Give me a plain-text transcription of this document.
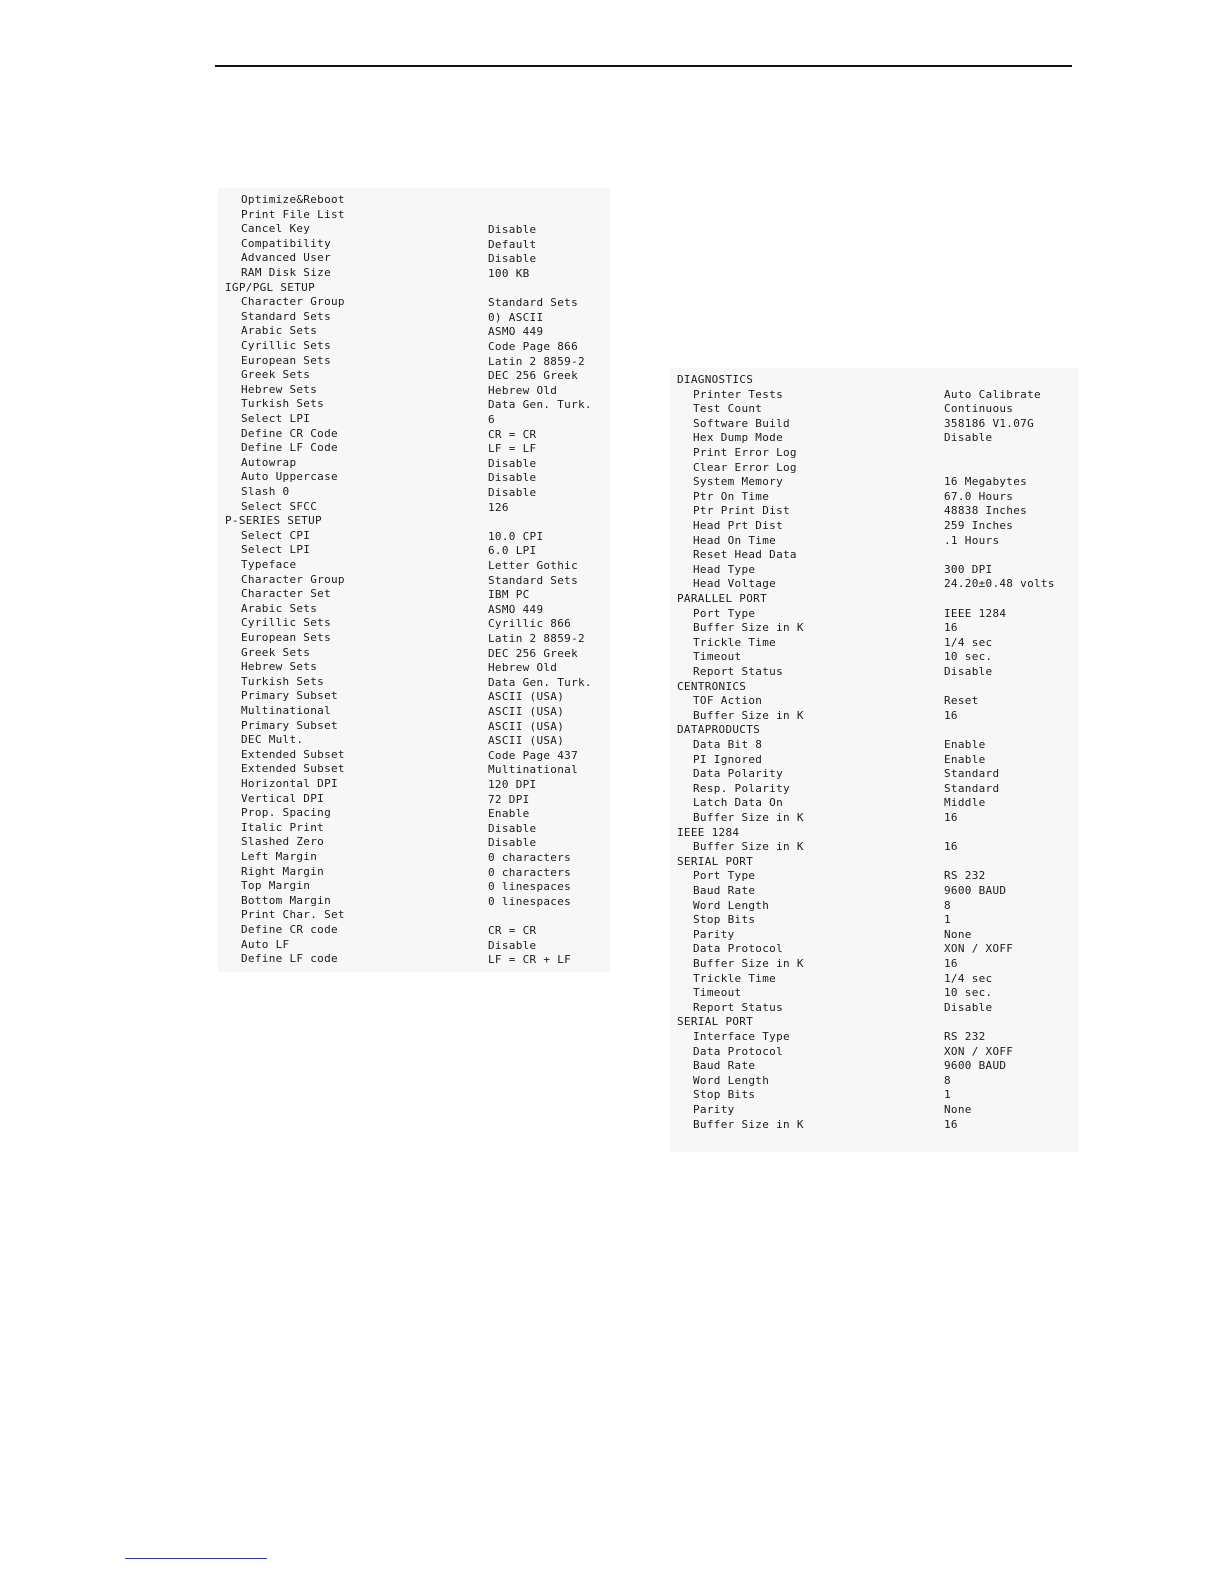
Optimize&Reboot
Print File List
Cancel Key	Disable
Compatibility	Default
Advanced User	Disable
RAM Disk Size	100 KB
IGP/PGL SETUP
Character Group	Standard Sets
Standard Sets	0) ASCII
Arabic Sets	ASMO 449
Cyrillic Sets	Code Page 866
European Sets	Latin 2 8859-2
Greek Sets	DEC 256 Greek
Hebrew Sets	Hebrew Old
Turkish Sets	Data Gen. Turk.
Select LPI	6
Define CR Code	CR = CR
Define LF Code	LF = LF
Autowrap	Disable
Auto Uppercase	Disable
Slash 0	Disable
Select SFCC	126
P-SERIES SETUP
Select CPI	10.0 CPI
Select LPI	6.0 LPI
Typeface	Letter Gothic
Character Group	Standard Sets
Character Set	IBM PC
Arabic Sets	ASMO 449
Cyrillic Sets	Cyrillic 866
European Sets	Latin 2 8859-2
Greek Sets	DEC 256 Greek
Hebrew Sets	Hebrew Old
Turkish Sets	Data Gen. Turk.
Primary Subset	ASCII (USA)
Multinational	ASCII (USA)
Primary Subset	ASCII (USA)
DEC Mult.	ASCII (USA)
Extended Subset	Code Page 437
Extended Subset	Multinational
Horizontal DPI	120 DPI
Vertical DPI	72 DPI
Prop. Spacing	Enable
Italic Print	Disable
Slashed Zero	Disable
Left Margin	0 characters
Right Margin	0 characters
Top Margin	0 linespaces
Bottom Margin	0 linespaces
Print Char. Set
Define CR code	CR = CR
Auto LF	Disable
Define LF code	LF = CR + LF
DIAGNOSTICS
Printer Tests	Auto Calibrate
Test Count	Continuous
Software Build	358186 V1.07G
Hex Dump Mode	Disable
Print Error Log
Clear Error Log
System Memory	16 Megabytes
Ptr On Time	67.0 Hours
Ptr Print Dist	48838 Inches
Head Prt Dist	259 Inches
Head On Time	.1 Hours
Reset Head Data
Head Type	300 DPI
Head Voltage	24.20±0.48 volts
PARALLEL PORT
Port Type	IEEE 1284
Buffer Size in K	16
Trickle Time	1/4 sec
Timeout	10 sec.
Report Status	Disable
CENTRONICS
TOF Action	Reset
Buffer Size in K	16
DATAPRODUCTS
Data Bit 8	Enable
PI Ignored	Enable
Data Polarity	Standard
Resp. Polarity	Standard
Latch Data On	Middle
Buffer Size in K	16
IEEE 1284
Buffer Size in K	16
SERIAL PORT
Port Type	RS 232
Baud Rate	9600 BAUD
Word Length	8
Stop Bits	1
Parity	None
Data Protocol	XON / XOFF
Buffer Size in K	16
Trickle Time	1/4 sec
Timeout	10 sec.
Report Status	Disable
SERIAL PORT
Interface Type	RS 232
Data Protocol	XON / XOFF
Baud Rate	9600 BAUD
Word Length	8
Stop Bits	1
Parity	None
Buffer Size in K	16
